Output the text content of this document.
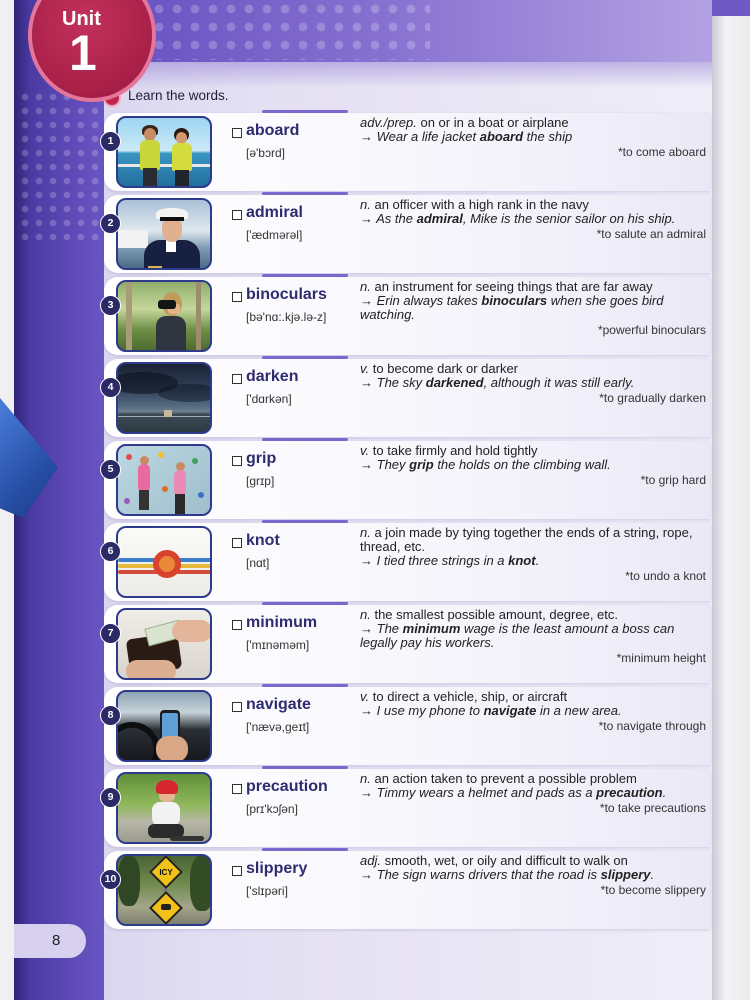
Unit
1
Learn the words.
1
aboard
[ə'bɔrd]
adv./prep. on or in a boat or airplane
→ Wear a life jacket aboard the ship
*to come aboard
2
admiral
['ædmərəl]
n. an officer with a high rank in the navy
→ As the admiral, Mike is the senior sailor on his ship.
*to salute an admiral
3
binoculars
[bə'nɑ:.kjə.lə-z]
n. an instrument for seeing things that are far away
→ Erin always takes binoculars when she goes bird watching.
*powerful binoculars
4
darken
['dɑrkən]
v. to become dark or darker
→ The sky darkened, although it was still early.
*to gradually darken
5
grip
[grɪp]
v. to take firmly and hold tightly
→ They grip the holds on the climbing wall.
*to grip hard
6
knot
[nɑt]
n. a join made by tying together the ends of a string, rope, thread, etc.
→ I tied three strings in a knot.
*to undo a knot
7
minimum
['mɪnəməm]
n. the smallest possible amount, degree, etc.
→ The minimum wage is the least amount a boss can legally pay his workers.
*minimum height
8
navigate
['nævə,geɪt]
v. to direct a vehicle, ship, or aircraft
→ I use my phone to navigate in a new area.
*to navigate through
9
precaution
[prɪ'kɔʃən]
n. an action taken to prevent a possible problem
→ Timmy wears a helmet and pads as a precaution.
*to take precautions
10
ICY	slippery
['slɪpəri]
adj. smooth, wet, or oily and difficult to walk on
→ The sign warns drivers that the road is slippery.
*to become slippery
8
